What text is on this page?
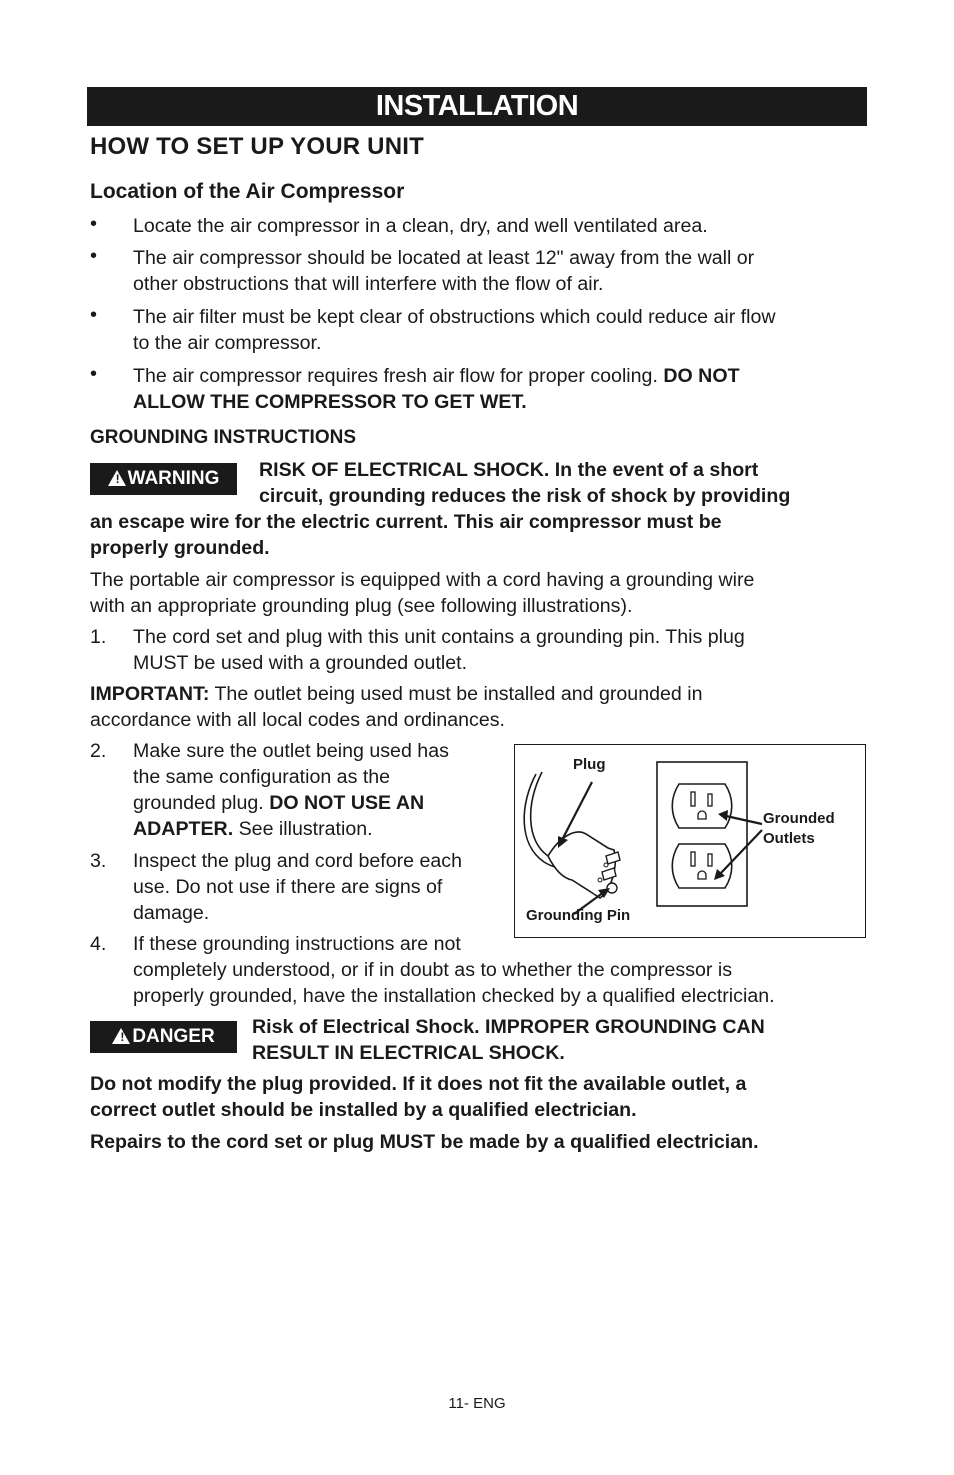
INSTALLATION
HOW TO SET UP YOUR UNIT
Location of the Air Compressor
• Locate the air compressor in a clean, dry, and well ventilated area.
• The air compressor should be located at least 12" away from the wall or
other obstructions that will interfere with the flow of air.
• The air filter must be kept clear of obstructions which could reduce air flow
to the air compressor.
• The air compressor requires fresh air flow for proper cooling. DO NOT
ALLOW THE COMPRESSOR TO GET WET.
GROUNDING INSTRUCTIONS
! WARNING	RISK OF ELECTRICAL SHOCK. In the event of a short
circuit, grounding reduces the risk of shock by providing
an escape wire for the electric current. This air compressor must be
properly grounded.
The portable air compressor is equipped with a cord having a grounding wire
with an appropriate grounding plug (see following illustrations).
1. The cord set and plug with this unit contains a grounding pin. This plug
MUST be used with a grounded outlet.
IMPORTANT: The outlet being used must be installed and grounded in
accordance with all local codes and ordinances.
2. Make sure the outlet being used has
the same configuration as the
grounded plug. DO NOT USE AN
ADAPTER. See illustration.
3. Inspect the plug and cord before each
use. Do not use if there are signs of
damage.
4. If these grounding instructions are not
completely understood, or if in doubt as to whether the compressor is
properly grounded, have the installation checked by a qualified electrician.
Plug
Grounded
Outlets
Grounding Pin
! DANGER	Risk of Electrical Shock. IMPROPER GROUNDING CAN
RESULT IN ELECTRICAL SHOCK.
Do not modify the plug provided. If it does not fit the available outlet, a
correct outlet should be installed by a qualified electrician.
Repairs to the cord set or plug MUST be made by a qualified electrician.
11- ENG
